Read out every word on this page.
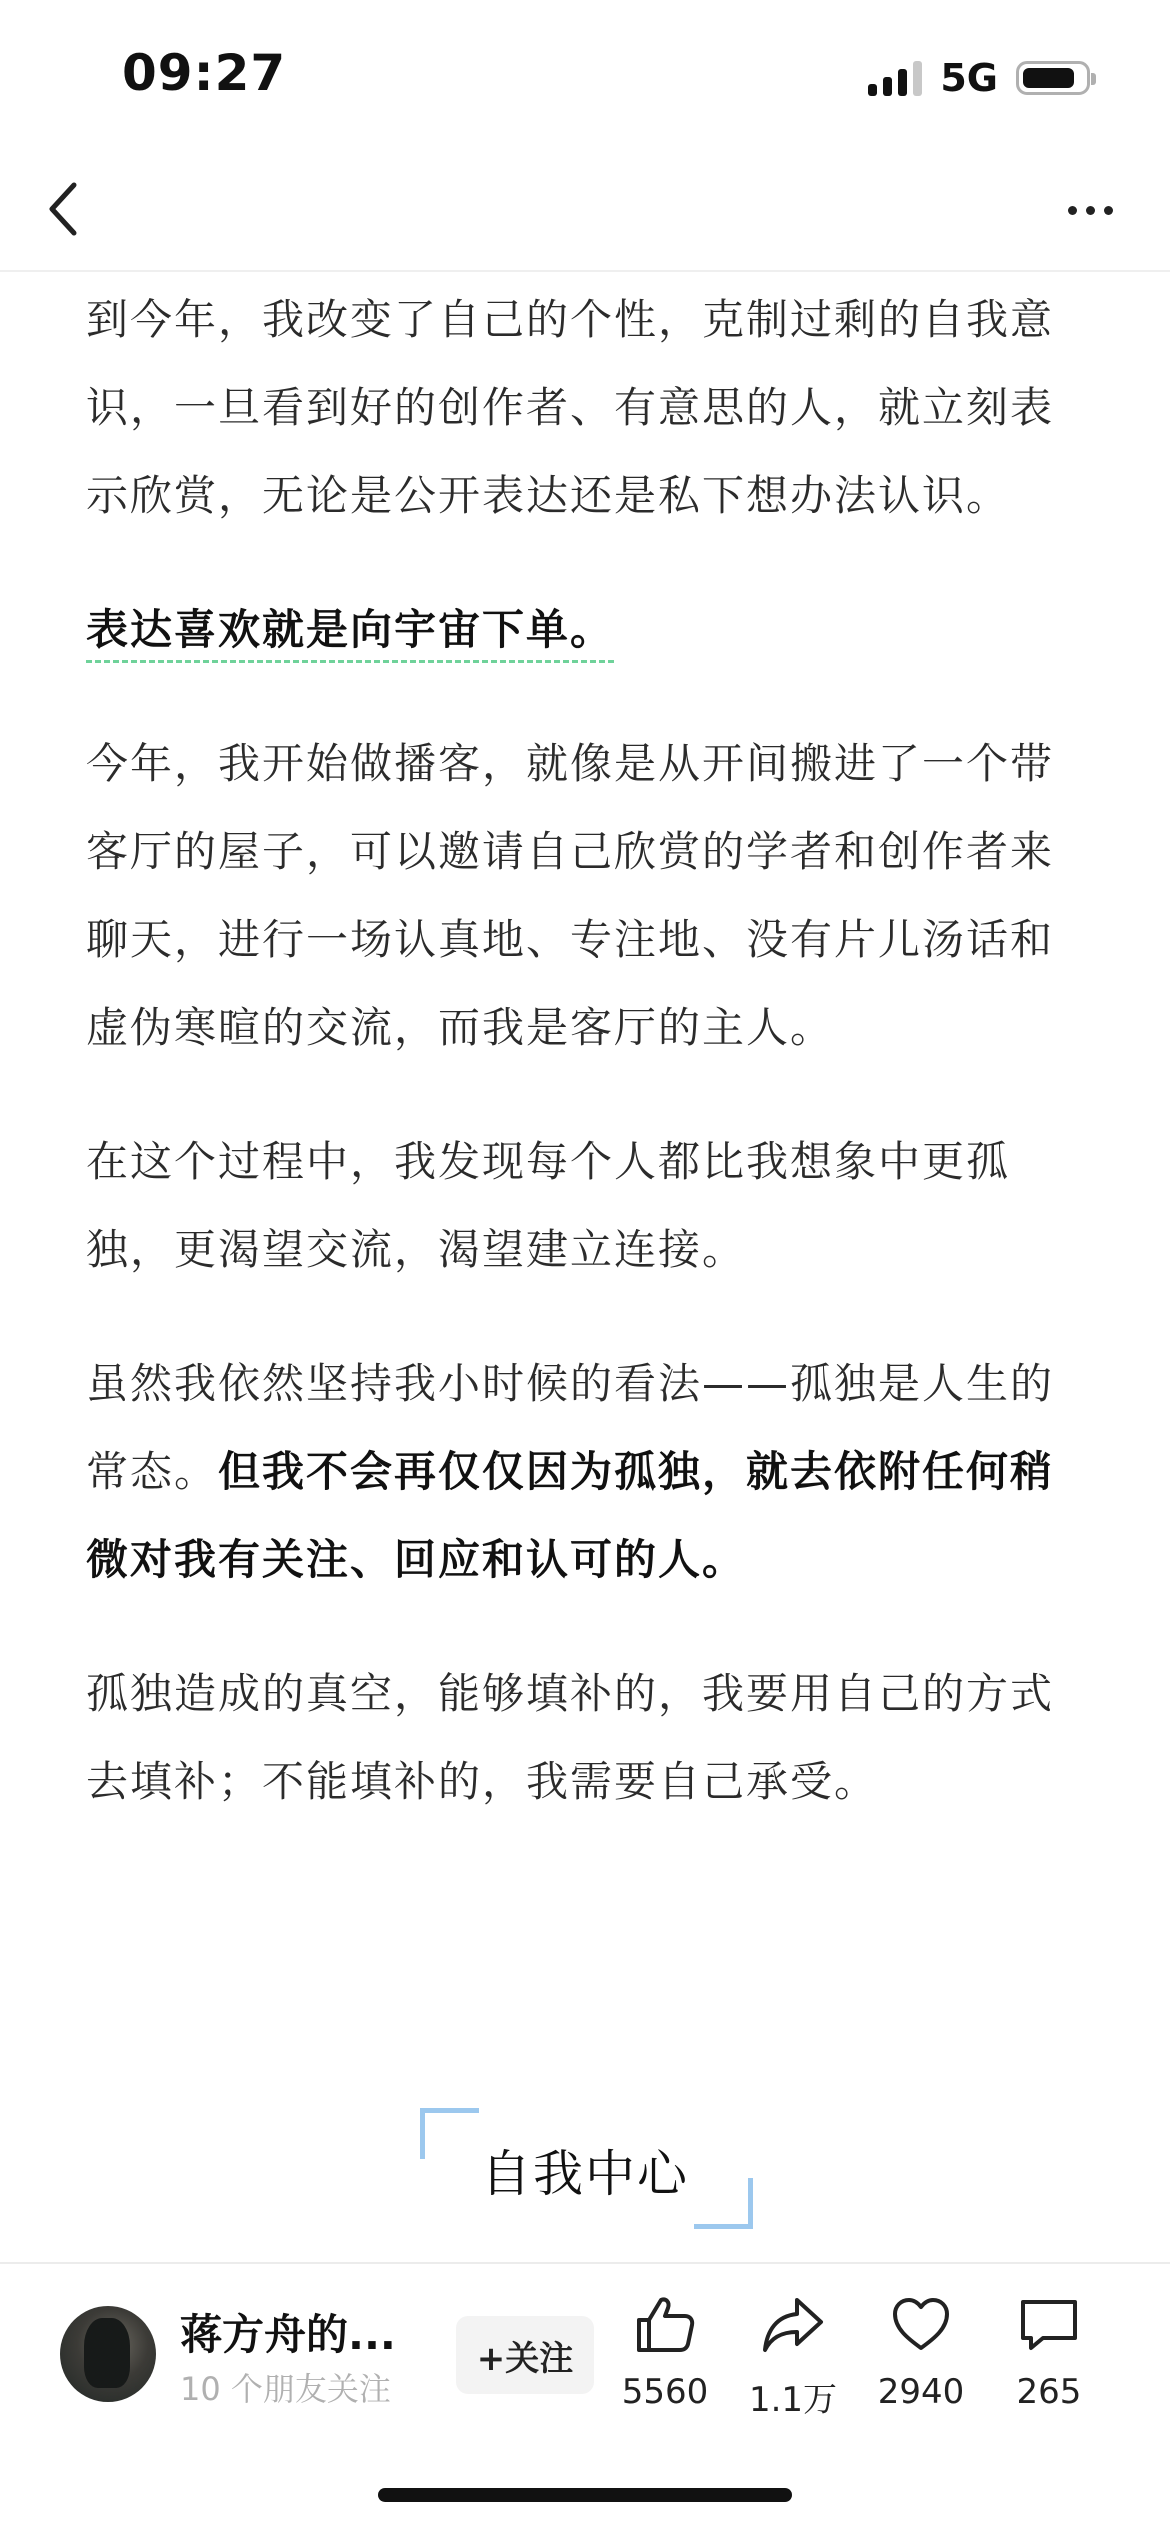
09:27	5G

到今年，我改变了自己的个性，克制过剩的自我意识，一旦看到好的创作者、有意思的人，就立刻表示欣赏，无论是公开表达还是私下想办法认识。

表达喜欢就是向宇宙下单。

今年，我开始做播客，就像是从开间搬进了一个带客厅的屋子，可以邀请自己欣赏的学者和创作者来聊天，进行一场认真地、专注地、没有片儿汤话和虚伪寒暄的交流，而我是客厅的主人。

在这个过程中，我发现每个人都比我想象中更孤独，更渴望交流，渴望建立连接。

虽然我依然坚持我小时候的看法——孤独是人生的常态。但我不会再仅仅因为孤独，就去依附任何稍微对我有关注、回应和认可的人。

孤独造成的真空，能够填补的，我要用自己的方式去填补；不能填补的，我需要自己承受。

自我中心
蒋方舟的...
10 个朋友关注
+关注
5560	1.1万	2940	265
